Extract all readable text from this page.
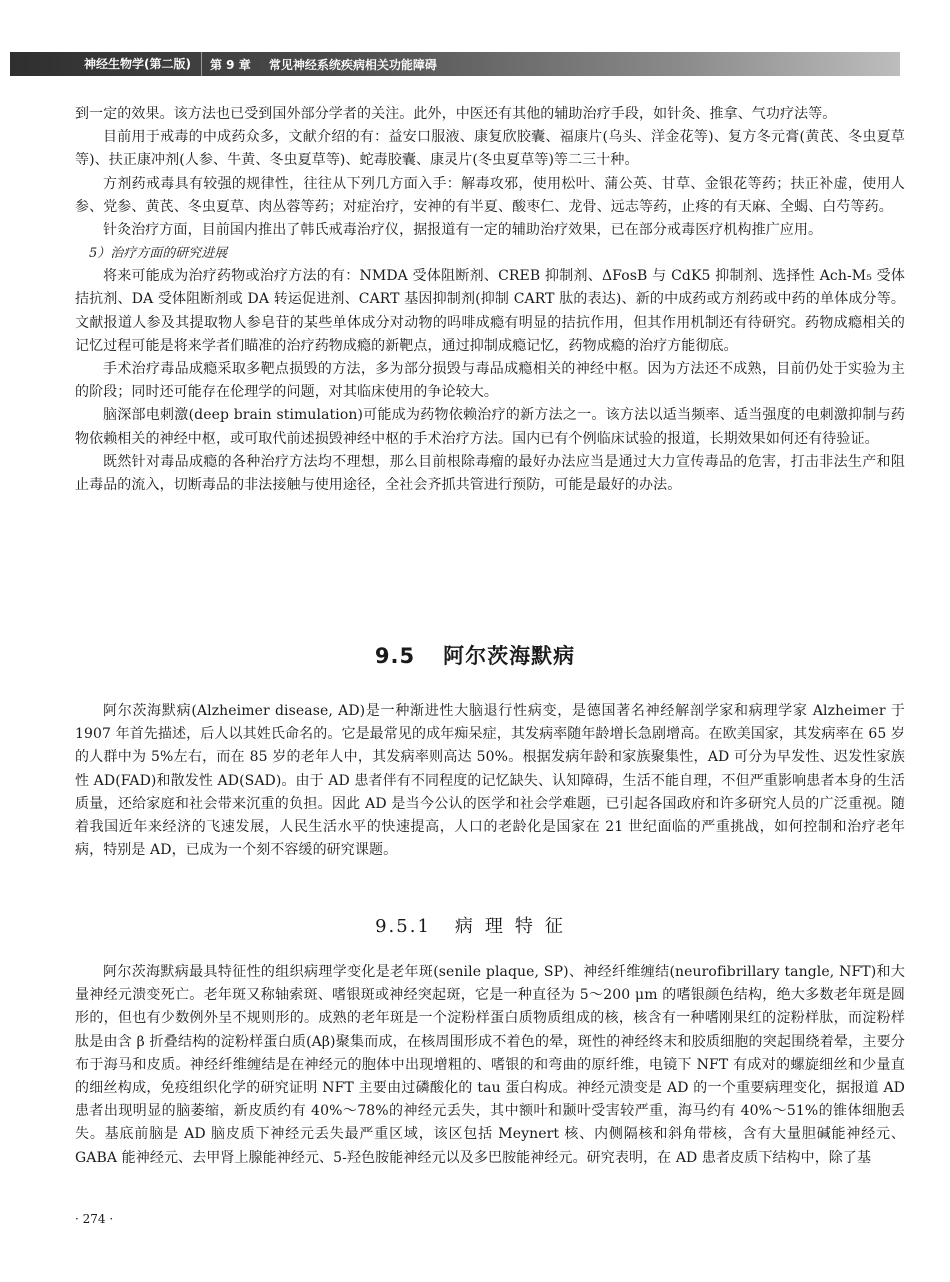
神经生物学(第二版)	第 9 章 常见神经系统疾病相关功能障碍

到一定的效果。该方法也已受到国外部分学者的关注。此外，中医还有其他的辅助治疗手段，如针灸、推拿、气功疗法等。

目前用于戒毒的中成药众多，文献介绍的有：益安口服液、康复欣胶囊、福康片(乌头、洋金花等)、复方冬元膏(黄芪、冬虫夏草等)、扶正康冲剂(人参、牛黄、冬虫夏草等)、蛇毒胶囊、康灵片(冬虫夏草等)等二三十种。

方剂药戒毒具有较强的规律性，往往从下列几方面入手：解毒攻邪，使用松叶、蒲公英、甘草、金银花等药；扶正补虚，使用人参、党参、黄芪、冬虫夏草、肉丛蓉等药；对症治疗，安神的有半夏、酸枣仁、龙骨、远志等药，止疼的有天麻、全蝎、白芍等药。

针灸治疗方面，目前国内推出了韩氏戒毒治疗仪，据报道有一定的辅助治疗效果，已在部分戒毒医疗机构推广应用。

5）治疗方面的研究进展

将来可能成为治疗药物或治疗方法的有：NMDA 受体阻断剂、CREB 抑制剂、ΔFosB 与 CdK5 抑制剂、选择性 Ach-M₅ 受体拮抗剂、DA 受体阻断剂或 DA 转运促进剂、CART 基因抑制剂(抑制 CART 肽的表达)、新的中成药或方剂药或中药的单体成分等。文献报道人参及其提取物人参皂苷的某些单体成分对动物的吗啡成瘾有明显的拮抗作用，但其作用机制还有待研究。药物成瘾相关的记忆过程可能是将来学者们瞄准的治疗药物成瘾的新靶点，通过抑制成瘾记忆，药物成瘾的治疗方能彻底。

手术治疗毒品成瘾采取多靶点损毁的方法，多为部分损毁与毒品成瘾相关的神经中枢。因为方法还不成熟，目前仍处于实验为主的阶段；同时还可能存在伦理学的问题，对其临床使用的争论较大。

脑深部电刺激(deep brain stimulation)可能成为药物依赖治疗的新方法之一。该方法以适当频率、适当强度的电刺激抑制与药物依赖相关的神经中枢，或可取代前述损毁神经中枢的手术治疗方法。国内已有个例临床试验的报道，长期效果如何还有待验证。

既然针对毒品成瘾的各种治疗方法均不理想，那么目前根除毒瘤的最好办法应当是通过大力宣传毒品的危害，打击非法生产和阻止毒品的流入，切断毒品的非法接触与使用途径，全社会齐抓共管进行预防，可能是最好的办法。

9.5 阿尔茨海默病

阿尔茨海默病(Alzheimer disease, AD)是一种渐进性大脑退行性病变，是德国著名神经解剖学家和病理学家 Alzheimer 于 1907 年首先描述，后人以其姓氏命名的。它是最常见的成年痴呆症，其发病率随年龄增长急剧增高。在欧美国家，其发病率在 65 岁的人群中为 5%左右，而在 85 岁的老年人中，其发病率则高达 50%。根据发病年龄和家族聚集性，AD 可分为早发性、迟发性家族性 AD(FAD)和散发性 AD(SAD)。由于 AD 患者伴有不同程度的记忆缺失、认知障碍，生活不能自理，不但严重影响患者本身的生活质量，还给家庭和社会带来沉重的负担。因此 AD 是当今公认的医学和社会学难题，已引起各国政府和许多研究人员的广泛重视。随着我国近年来经济的飞速发展，人民生活水平的快速提高，人口的老龄化是国家在 21 世纪面临的严重挑战，如何控制和治疗老年病，特别是 AD，已成为一个刻不容缓的研究课题。

9.5.1 病理特征

阿尔茨海默病最具特征性的组织病理学变化是老年斑(senile plaque, SP)、神经纤维缠结(neurofibrillary tangle, NFT)和大量神经元溃变死亡。老年斑又称轴索斑、嗜银斑或神经突起斑，它是一种直径为 5～200 μm 的嗜银颜色结构，绝大多数老年斑是圆形的，但也有少数例外呈不规则形的。成熟的老年斑是一个淀粉样蛋白质物质组成的核，核含有一种嗜刚果红的淀粉样肽，而淀粉样肽是由含 β 折叠结构的淀粉样蛋白质(Aβ)聚集而成，在核周围形成不着色的晕，斑性的神经终末和胶质细胞的突起围绕着晕，主要分布于海马和皮质。神经纤维缠结是在神经元的胞体中出现增粗的、嗜银的和弯曲的原纤维，电镜下 NFT 有成对的螺旋细丝和少量直的细丝构成，免疫组织化学的研究证明 NFT 主要由过磷酸化的 tau 蛋白构成。神经元溃变是 AD 的一个重要病理变化，据报道 AD 患者出现明显的脑萎缩，新皮质约有 40%～78%的神经元丢失，其中额叶和颞叶受害较严重，海马约有 40%～51%的锥体细胞丢失。基底前脑是 AD 脑皮质下神经元丢失最严重区域，该区包括 Meynert 核、内侧隔核和斜角带核，含有大量胆碱能神经元、GABA 能神经元、去甲肾上腺能神经元、5-羟色胺能神经元以及多巴胺能神经元。研究表明，在 AD 患者皮质下结构中，除了基

· 274 ·
